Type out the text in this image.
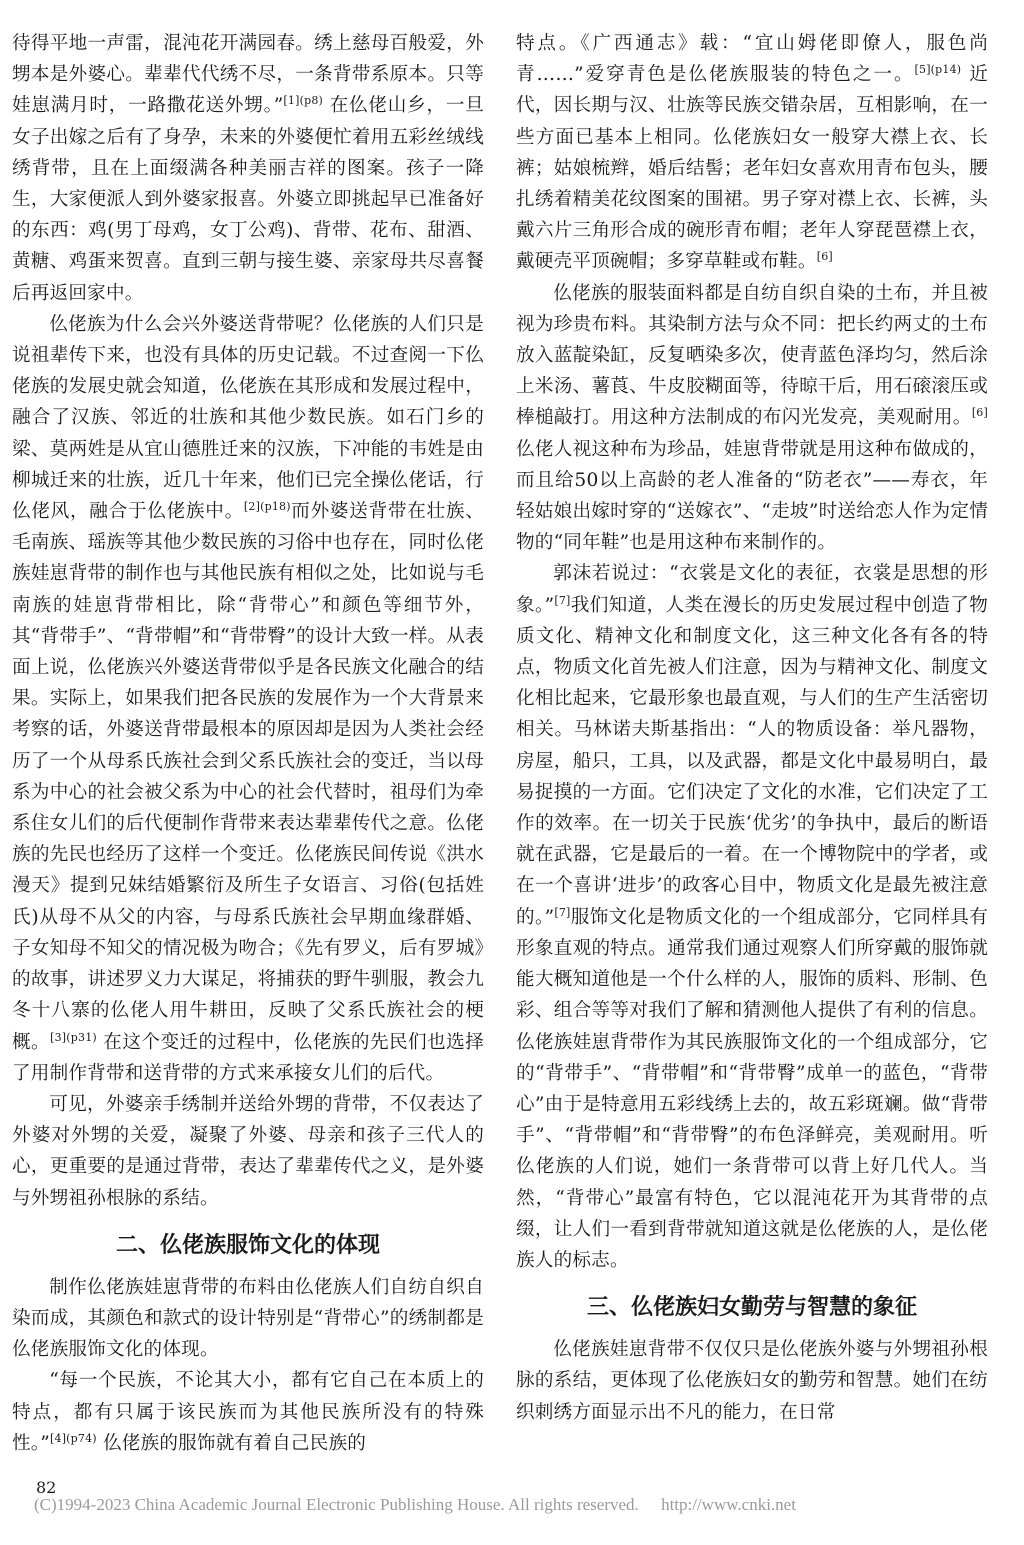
待得平地一声雷，混沌花开满园春。绣上慈母百般爱，外甥本是外婆心。辈辈代代绣不尽，一条背带系原本。只等娃崽满月时，一路撒花送外甥。”$^{[1](p8)}$ 在仫佬山乡，一旦女子出嫁之后有了身孕，未来的外婆便忙着用五彩丝绒线绣背带，且在上面缀满各种美丽吉祥的图案。孩子一降生，大家便派人到外婆家报喜。外婆立即挑起早已准备好的东西：鸡(男丁母鸡，女丁公鸡)、背带、花布、甜酒、黄糖、鸡蛋来贺喜。直到三朝与接生婆、亲家母共尽喜餐后再返回家中。

仫佬族为什么会兴外婆送背带呢？仫佬族的人们只是说祖辈传下来，也没有具体的历史记载。不过查阅一下仫佬族的发展史就会知道，仫佬族在其形成和发展过程中，融合了汉族、邻近的壮族和其他少数民族。如石门乡的梁、莫两姓是从宜山德胜迁来的汉族，下冲能的韦姓是由柳城迁来的壮族，近几十年来，他们已完全操仫佬话，行仫佬风，融合于仫佬族中。$^{[2](p18)}$而外婆送背带在壮族、毛南族、瑶族等其他少数民族的习俗中也存在，同时仫佬族娃崽背带的制作也与其他民族有相似之处，比如说与毛南族的娃崽背带相比，除“背带心”和颜色等细节外，其“背带手”、“背带帽”和“背带臀”的设计大致一样。从表面上说，仫佬族兴外婆送背带似乎是各民族文化融合的结果。实际上，如果我们把各民族的发展作为一个大背景来考察的话，外婆送背带最根本的原因却是因为人类社会经历了一个从母系氏族社会到父系氏族社会的变迁，当以母系为中心的社会被父系为中心的社会代替时，祖母们为牵系住女儿们的后代便制作背带来表达辈辈传代之意。仫佬族的先民也经历了这样一个变迁。仫佬族民间传说《洪水漫天》提到兄妹结婚繁衍及所生子女语言、习俗(包括姓氏)从母不从父的内容，与母系氏族社会早期血缘群婚、子女知母不知父的情况极为吻合；《先有罗义，后有罗城》的故事，讲述罗义力大谋足，将捕获的野牛驯服，教会九冬十八寨的仫佬人用牛耕田，反映了父系氏族社会的梗概。$^{[3](p31)}$ 在这个变迁的过程中，仫佬族的先民们也选择了用制作背带和送背带的方式来承接女儿们的后代。

可见，外婆亲手绣制并送给外甥的背带，不仅表达了外婆对外甥的关爱，凝聚了外婆、母亲和孩子三代人的心，更重要的是通过背带，表达了辈辈传代之义，是外婆与外甥祖孙根脉的系结。

二、仫佬族服饰文化的体现

制作仫佬族娃崽背带的布料由仫佬族人们自纺自织自染而成，其颜色和款式的设计特别是“背带心”的绣制都是仫佬族服饰文化的体现。

“每一个民族，不论其大小，都有它自己在本质上的特点，都有只属于该民族而为其他民族所没有的特殊性。”$^{[4](p74)}$ 仫佬族的服饰就有着自己民族的

特点。《广西通志》载：“宜山姆佬即僚人，服色尚青……”爱穿青色是仫佬族服装的特色之一。$^{[5](p14)}$ 近代，因长期与汉、壮族等民族交错杂居，互相影响，在一些方面已基本上相同。仫佬族妇女一般穿大襟上衣、长裤；姑娘梳辫，婚后结髻；老年妇女喜欢用青布包头，腰扎绣着精美花纹图案的围裙。男子穿对襟上衣、长裤，头戴六片三角形合成的碗形青布帽；老年人穿琵琶襟上衣，戴硬壳平顶碗帽；多穿草鞋或布鞋。[6]

仫佬族的服装面料都是自纺自织自染的土布，并且被视为珍贵布料。其染制方法与众不同：把长约两丈的土布放入蓝靛染缸，反复晒染多次，使青蓝色泽均匀，然后涂上米汤、薯莨、牛皮胶糊面等，待晾干后，用石磙滚压或棒槌敲打。用这种方法制成的布闪光发亮，美观耐用。[6]仫佬人视这种布为珍品，娃崽背带就是用这种布做成的，而且给50以上高龄的老人准备的“防老衣”——寿衣，年轻姑娘出嫁时穿的“送嫁衣”、“走坡”时送给恋人作为定情物的“同年鞋”也是用这种布来制作的。

郭沫若说过：“衣裳是文化的表征，衣裳是思想的形象。”[7]我们知道，人类在漫长的历史发展过程中创造了物质文化、精神文化和制度文化，这三种文化各有各的特点，物质文化首先被人们注意，因为与精神文化、制度文化相比起来，它最形象也最直观，与人们的生产生活密切相关。马林诺夫斯基指出：“人的物质设备：举凡器物，房屋，船只，工具，以及武器，都是文化中最易明白，最易捉摸的一方面。它们决定了文化的水准，它们决定了工作的效率。在一切关于民族‘优劣’的争执中，最后的断语就在武器，它是最后的一着。在一个博物院中的学者，或在一个喜讲‘进步’的政客心目中，物质文化是最先被注意的。”[7]服饰文化是物质文化的一个组成部分，它同样具有形象直观的特点。通常我们通过观察人们所穿戴的服饰就能大概知道他是一个什么样的人，服饰的质料、形制、色彩、组合等等对我们了解和猜测他人提供了有利的信息。仫佬族娃崽背带作为其民族服饰文化的一个组成部分，它的“背带手”、“背带帽”和“背带臀”成单一的蓝色，“背带心”由于是特意用五彩线绣上去的，故五彩斑斓。做“背带手”、“背带帽”和“背带臀”的布色泽鲜亮，美观耐用。听仫佬族的人们说，她们一条背带可以背上好几代人。当然，“背带心”最富有特色，它以混沌花开为其背带的点缀，让人们一看到背带就知道这就是仫佬族的人，是仫佬族人的标志。

三、仫佬族妇女勤劳与智慧的象征

仫佬族娃崽背带不仅仅只是仫佬族外婆与外甥祖孙根脉的系结，更体现了仫佬族妇女的勤劳和智慧。她们在纺织刺绣方面显示出不凡的能力，在日常

82
(C)1994-2023 China Academic Journal Electronic Publishing House. All rights reserved. http://www.cnki.net
